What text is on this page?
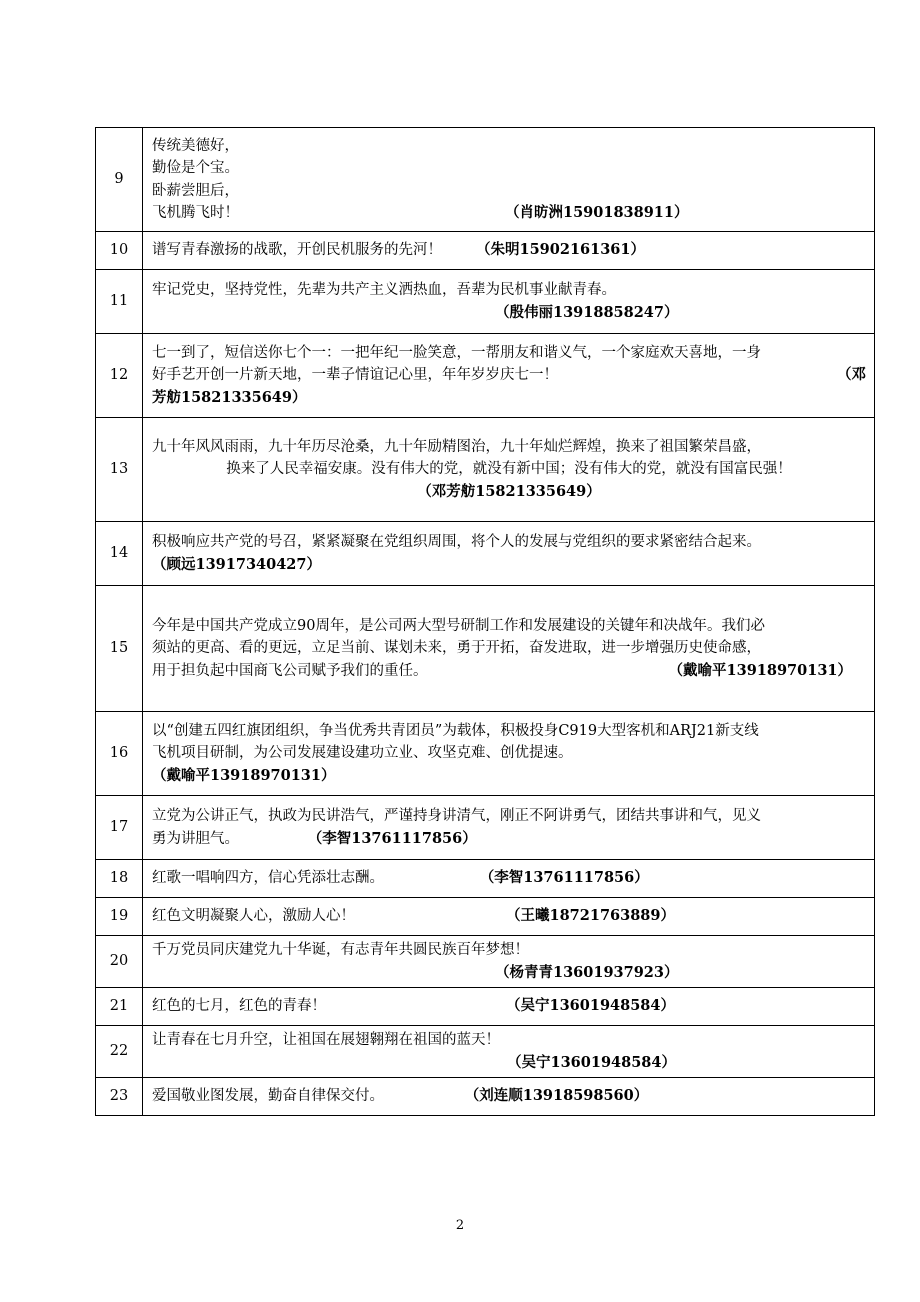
9	传统美德好，
勤俭是个宝。
卧薪尝胆后，
飞机腾飞时！ （肖昉洲15901838911）

10	谱写青春激扬的战歌，开创民机服务的先河！ （朱明15902161361）

11	牢记党史，坚持党性，先辈为共产主义洒热血，吾辈为民机事业献青春。
（殷伟丽13918858247）

12	七一到了，短信送你七个一：一把年纪一脸笑意，一帮朋友和谐义气，一个家庭欢天喜地，一身
好手艺开创一片新天地，一辈子情谊记心里，年年岁岁庆七一！ （邓
芳舫15821335649）

13	九十年风风雨雨，九十年历尽沧桑，九十年励精图治，九十年灿烂辉煌，换来了祖国繁荣昌盛，
换来了人民幸福安康。没有伟大的党，就没有新中国；没有伟大的党，就没有国富民强！
（邓芳舫15821335649）

14	积极响应共产党的号召，紧紧凝聚在党组织周围，将个人的发展与党组织的要求紧密结合起来。
（顾远13917340427）

15	今年是中国共产党成立90周年，是公司两大型号研制工作和发展建设的关键年和决战年。我们必
须站的更高、看的更远，立足当前、谋划未来，勇于开拓，奋发进取，进一步增强历史使命感，
用于担负起中国商飞公司赋予我们的重任。 （戴喻平13918970131）

16	以“创建五四红旗团组织，争当优秀共青团员”为载体，积极投身C919大型客机和ARJ21新支线
飞机项目研制，为公司发展建设建功立业、攻坚克难、创优提速。
（戴喻平13918970131）

17	立党为公讲正气，执政为民讲浩气，严谨持身讲清气，刚正不阿讲勇气，团结共事讲和气，见义
勇为讲胆气。 （李智13761117856）

18	红歌一唱响四方，信心凭添壮志酬。 （李智13761117856）

19	红色文明凝聚人心，激励人心！ （王曦18721763889）

20	千万党员同庆建党九十华诞，有志青年共圆民族百年梦想！
（杨青青13601937923）

21	红色的七月，红色的青春！ （吴宁13601948584）

22	让青春在七月升空，让祖国在展翅翱翔在祖国的蓝天！
（吴宁13601948584）

23	爱国敬业图发展，勤奋自律保交付。 （刘连顺13918598560）
2
